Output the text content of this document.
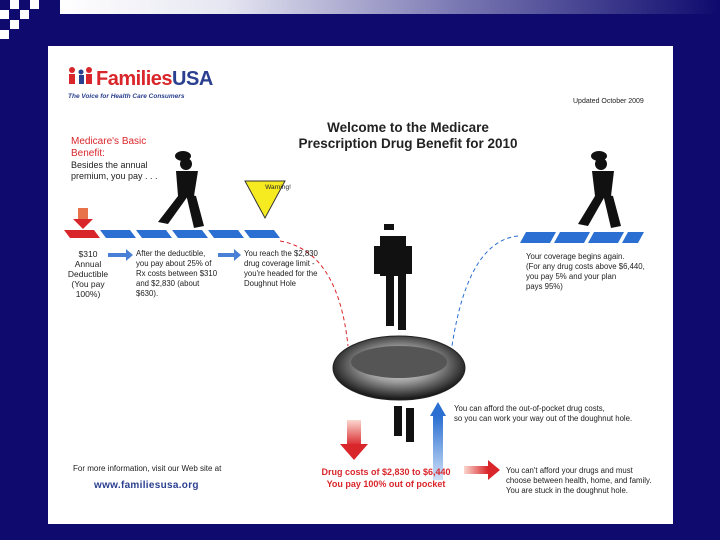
FamiliesUSA
The Voice for Health Care Consumers
Updated October 2009
Welcome to the Medicare
Prescription Drug Benefit for 2010
Medicare's Basic Benefit:
Besides the annual premium, you pay . . .
Warning!
$310
Annual
Deductible
(You pay
100%)
After the deductible,
you pay about 25% of
Rx costs between $310
and $2,830 (about
$630).
You reach the $2,830
drug coverage limit -
you're headed for the
Doughnut Hole
Your coverage begins again.
(For any drug costs above $6,440,
you pay 5% and your plan
pays 95%)
You can afford the out-of-pocket drug costs,
so you can work your way out of the doughnut hole.
Drug costs of $2,830 to $6,440
You pay 100% out of pocket
You can't afford your drugs and must
choose between health, home, and family.
You are stuck in the doughnut hole.
For more information, visit our Web site at
www.familiesusa.org
